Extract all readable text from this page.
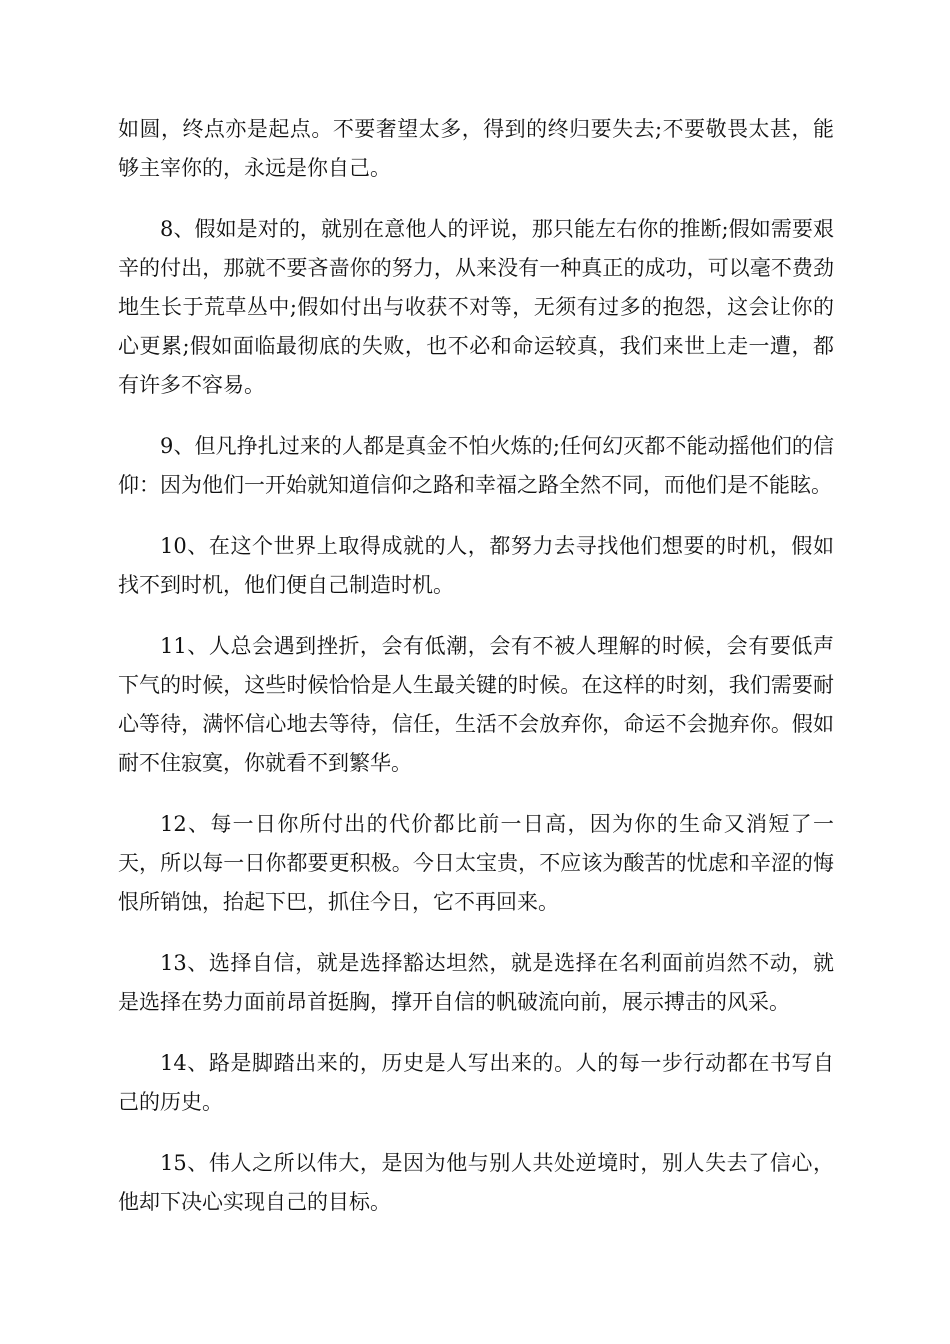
如圆，终点亦是起点。不要奢望太多，得到的终归要失去;不要敬畏太甚，能够主宰你的，永远是你自己。

8、假如是对的，就别在意他人的评说，那只能左右你的推断;假如需要艰辛的付出，那就不要吝啬你的努力，从来没有一种真正的成功，可以毫不费劲地生长于荒草丛中;假如付出与收获不对等，无须有过多的抱怨，这会让你的心更累;假如面临最彻底的失败，也不必和命运较真，我们来世上走一遭，都有许多不容易。

9、但凡挣扎过来的人都是真金不怕火炼的;任何幻灭都不能动摇他们的信仰：因为他们一开始就知道信仰之路和幸福之路全然不同，而他们是不能眩。

10、在这个世界上取得成就的人，都努力去寻找他们想要的时机，假如找不到时机，他们便自己制造时机。

11、人总会遇到挫折，会有低潮，会有不被人理解的时候，会有要低声下气的时候，这些时候恰恰是人生最关键的时候。在这样的时刻，我们需要耐心等待，满怀信心地去等待，信任，生活不会放弃你，命运不会抛弃你。假如耐不住寂寞，你就看不到繁华。

12、每一日你所付出的代价都比前一日高，因为你的生命又消短了一天，所以每一日你都要更积极。今日太宝贵，不应该为酸苦的忧虑和辛涩的悔恨所销蚀，抬起下巴，抓住今日，它不再回来。

13、选择自信，就是选择豁达坦然，就是选择在名利面前岿然不动，就是选择在势力面前昂首挺胸，撑开自信的帆破流向前，展示搏击的风采。

14、路是脚踏出来的，历史是人写出来的。人的每一步行动都在书写自己的历史。

15、伟人之所以伟大，是因为他与别人共处逆境时，别人失去了信心，他却下决心实现自己的目标。
